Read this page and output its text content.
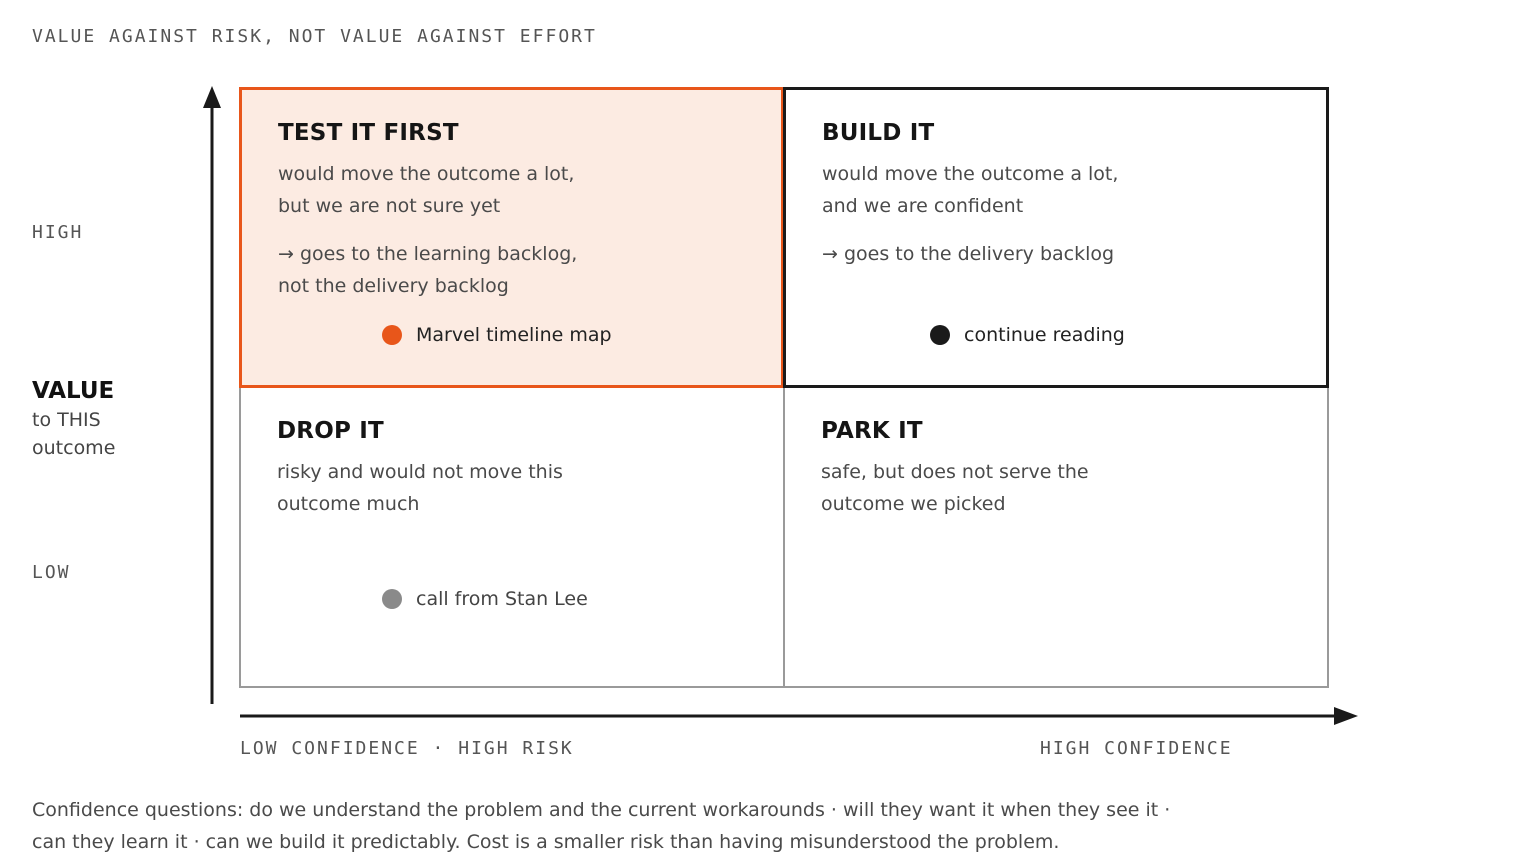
VALUE AGAINST RISK, NOT VALUE AGAINST EFFORT
HIGH
LOW
VALUE
to THIS outcome
TEST IT FIRST
would move the outcome a lot, but we are not sure yet
→ goes to the learning backlog, not the delivery backlog
BUILD IT
would move the outcome a lot, and we are confident
→ goes to the delivery backlog
DROP IT
risky and would not move this outcome much
PARK IT
safe, but does not serve the outcome we picked
Marvel timeline map	continue reading
call from Stan Lee
LOW CONFIDENCE · HIGH RISK	HIGH CONFIDENCE
Confidence questions: do we understand the problem and the current workarounds · will they want it when they see it · can they learn it · can we build it predictably. Cost is a smaller risk than having misunderstood the problem.
